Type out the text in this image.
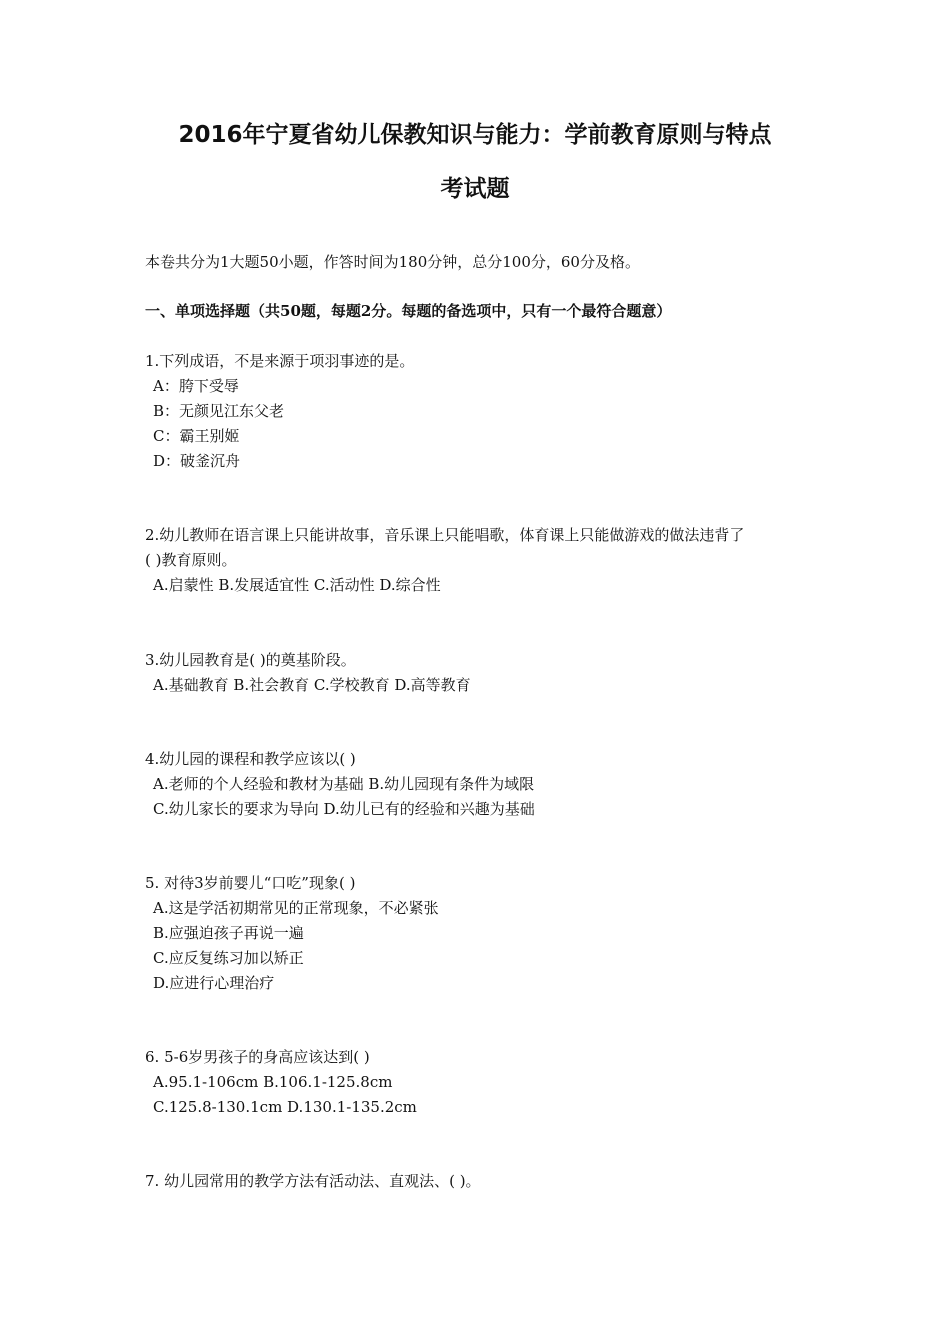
2016年宁夏省幼儿保教知识与能力：学前教育原则与特点
考试题
本卷共分为1大题50小题，作答时间为180分钟，总分100分，60分及格。
一、单项选择题（共50题，每题2分。每题的备选项中，只有一个最符合题意）
1.下列成语，不是来源于项羽事迹的是。
A：胯下受辱
B：无颜见江东父老
C：霸王别姬
D：破釜沉舟
2.幼儿教师在语言课上只能讲故事，音乐课上只能唱歌，体育课上只能做游戏的做法违背了
( )教育原则。
A.启蒙性 B.发展适宜性 C.活动性 D.综合性
3.幼儿园教育是( )的奠基阶段。
A.基础教育 B.社会教育 C.学校教育 D.高等教育
4.幼儿园的课程和教学应该以( )
A.老师的个人经验和教材为基础 B.幼儿园现有条件为域限
C.幼儿家长的要求为导向 D.幼儿已有的经验和兴趣为基础
5. 对待3岁前婴儿“口吃”现象( )
A.这是学活初期常见的正常现象，不必紧张
B.应强迫孩子再说一遍
C.应反复练习加以矫正
D.应进行心理治疗
6. 5-6岁男孩子的身高应该达到( )
A.95.1-106cm B.106.1-125.8cm
C.125.8-130.1cm D.130.1-135.2cm
7. 幼儿园常用的教学方法有活动法、直观法、( )。
